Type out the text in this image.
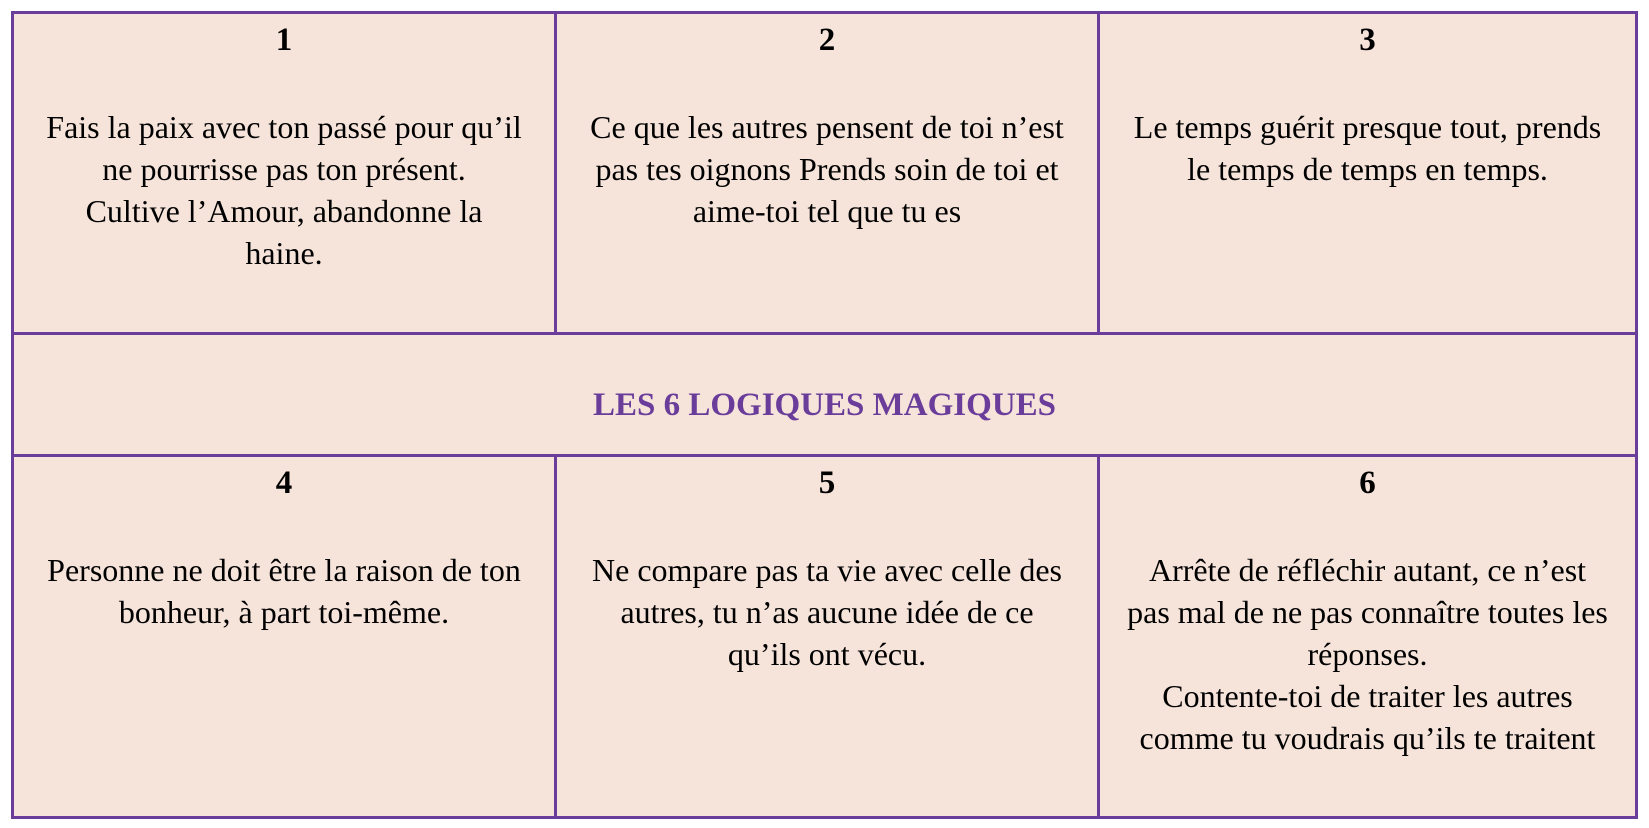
1
Fais la paix avec ton passé pour qu’il
ne pourrisse pas ton présent.
Cultive l’Amour, abandonne la
haine.
2
Ce que les autres pensent de toi n’est
pas tes oignons Prends soin de toi et
aime-toi tel que tu es
3
Le temps guérit presque tout, prends
le temps de temps en temps.
LES 6 LOGIQUES MAGIQUES
4
Personne ne doit être la raison de ton
bonheur, à part toi-même.
5
Ne compare pas ta vie avec celle des
autres, tu n’as aucune idée de ce
qu’ils ont vécu.
6
Arrête de réfléchir autant, ce n’est
pas mal de ne pas connaître toutes les
réponses.
Contente-toi de traiter les autres
comme tu voudrais qu’ils te traitent
